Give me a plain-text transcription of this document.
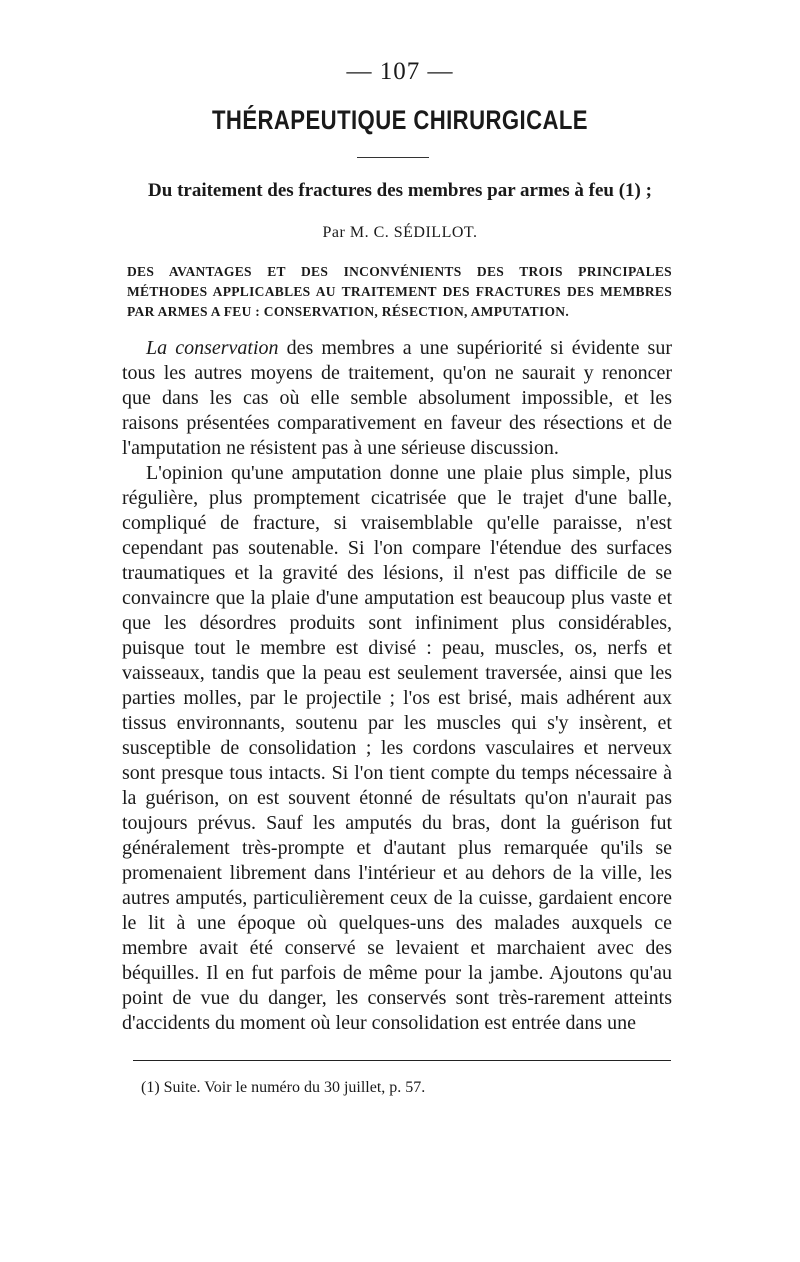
— 107 —
THÉRAPEUTIQUE CHIRURGICALE
Du traitement des fractures des membres par armes à feu (1) ;
Par M. C. SÉDILLOT.
DES AVANTAGES ET DES INCONVÉNIENTS DES TROIS PRINCIPALES MÉTHODES APPLICABLES AU TRAITEMENT DES FRACTURES DES MEMBRES PAR ARMES A FEU : CONSERVATION, RÉSECTION, AMPUTATION.

La conservation des membres a une supériorité si évidente sur tous les autres moyens de traitement, qu'on ne saurait y renoncer que dans les cas où elle semble absolument impossible, et les raisons présentées comparativement en faveur des résections et de l'amputation ne résistent pas à une sérieuse discussion.

L'opinion qu'une amputation donne une plaie plus simple, plus régulière, plus promptement cicatrisée que le trajet d'une balle, compliqué de fracture, si vraisemblable qu'elle paraisse, n'est cependant pas soutenable. Si l'on compare l'étendue des surfaces traumatiques et la gravité des lésions, il n'est pas difficile de se convaincre que la plaie d'une amputation est beaucoup plus vaste et que les désordres produits sont infiniment plus considérables, puisque tout le membre est divisé : peau, muscles, os, nerfs et vaisseaux, tandis que la peau est seulement traversée, ainsi que les parties molles, par le projectile ; l'os est brisé, mais adhérent aux tissus environnants, soutenu par les muscles qui s'y insèrent, et susceptible de consolidation ; les cordons vasculaires et nerveux sont presque tous intacts. Si l'on tient compte du temps nécessaire à la guérison, on est souvent étonné de résultats qu'on n'aurait pas toujours prévus. Sauf les amputés du bras, dont la guérison fut généralement très-prompte et d'autant plus remarquée qu'ils se promenaient librement dans l'intérieur et au dehors de la ville, les autres amputés, particulièrement ceux de la cuisse, gardaient encore le lit à une époque où quelques-uns des malades auxquels ce membre avait été conservé se levaient et marchaient avec des béquilles. Il en fut parfois de même pour la jambe. Ajoutons qu'au point de vue du danger, les conservés sont très-rarement atteints d'accidents du moment où leur consolidation est entrée dans une

(1) Suite. Voir le numéro du 30 juillet, p. 57.
